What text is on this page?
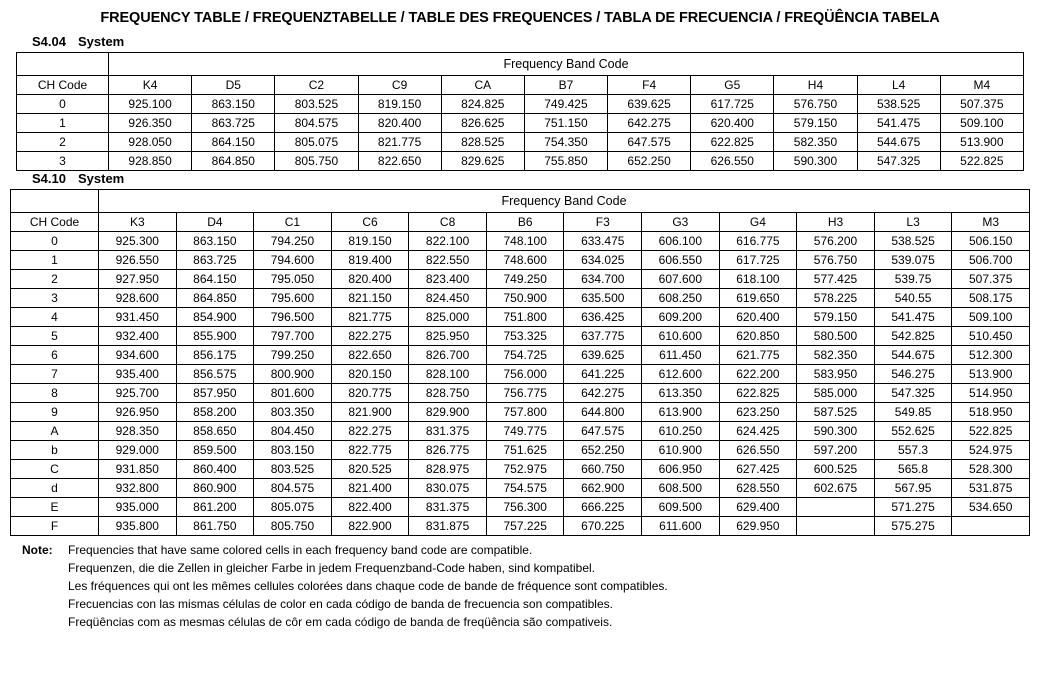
FREQUENCY TABLE / FREQUENZTABELLE / TABLE DES FREQUENCES / TABLA DE FRECUENCIA / FREQÜÊNCIA TABELA
S4.04 System
	Frequency Band Code										
CH Code	K4	D5	C2	C9	CA	B7	F4	G5	H4	L4	M4
0	925.100	863.150	803.525	819.150	824.825	749.425	639.625	617.725	576.750	538.525	507.375
1	926.350	863.725	804.575	820.400	826.625	751.150	642.275	620.400	579.150	541.475	509.100
2	928.050	864.150	805.075	821.775	828.525	754.350	647.575	622.825	582.350	544.675	513.900
3	928.850	864.850	805.750	822.650	829.625	755.850	652.250	626.550	590.300	547.325	522.825
S4.10 System
	Frequency Band Code											
CH Code	K3	D4	C1	C6	C8	B6	F3	G3	G4	H3	L3	M3
0	925.300	863.150	794.250	819.150	822.100	748.100	633.475	606.100	616.775	576.200	538.525	506.150
1	926.550	863.725	794.600	819.400	822.550	748.600	634.025	606.550	617.725	576.750	539.075	506.700
2	927.950	864.150	795.050	820.400	823.400	749.250	634.700	607.600	618.100	577.425	539.75	507.375
3	928.600	864.850	795.600	821.150	824.450	750.900	635.500	608.250	619.650	578.225	540.55	508.175
4	931.450	854.900	796.500	821.775	825.000	751.800	636.425	609.200	620.400	579.150	541.475	509.100
5	932.400	855.900	797.700	822.275	825.950	753.325	637.775	610.600	620.850	580.500	542.825	510.450
6	934.600	856.175	799.250	822.650	826.700	754.725	639.625	611.450	621.775	582.350	544.675	512.300
7	935.400	856.575	800.900	820.150	828.100	756.000	641.225	612.600	622.200	583.950	546.275	513.900
8	925.700	857.950	801.600	820.775	828.750	756.775	642.275	613.350	622.825	585.000	547.325	514.950
9	926.950	858.200	803.350	821.900	829.900	757.800	644.800	613.900	623.250	587.525	549.85	518.950
A	928.350	858.650	804.450	822.275	831.375	749.775	647.575	610.250	624.425	590.300	552.625	522.825
b	929.000	859.500	803.150	822.775	826.775	751.625	652.250	610.900	626.550	597.200	557.3	524.975
C	931.850	860.400	803.525	820.525	828.975	752.975	660.750	606.950	627.425	600.525	565.8	528.300
d	932.800	860.900	804.575	821.400	830.075	754.575	662.900	608.500	628.550	602.675	567.95	531.875
E	935.000	861.200	805.075	822.400	831.375	756.300	666.225	609.500	629.400		571.275	534.650
F	935.800	861.750	805.750	822.900	831.875	757.225	670.225	611.600	629.950		575.275	
Note:	Frequencies that have same colored cells in each frequency band code are compatible.
Frequenzen, die die Zellen in gleicher Farbe in jedem Frequenzband-Code haben, sind kompatibel.
Les fréquences qui ont les mêmes cellules colorées dans chaque code de bande de fréquence sont compatibles.
Frecuencias con las mismas células de color en cada código de banda de frecuencia son compatibles.
Freqüências com as mesmas células de côr em cada código de banda de freqüência são compativeis.
